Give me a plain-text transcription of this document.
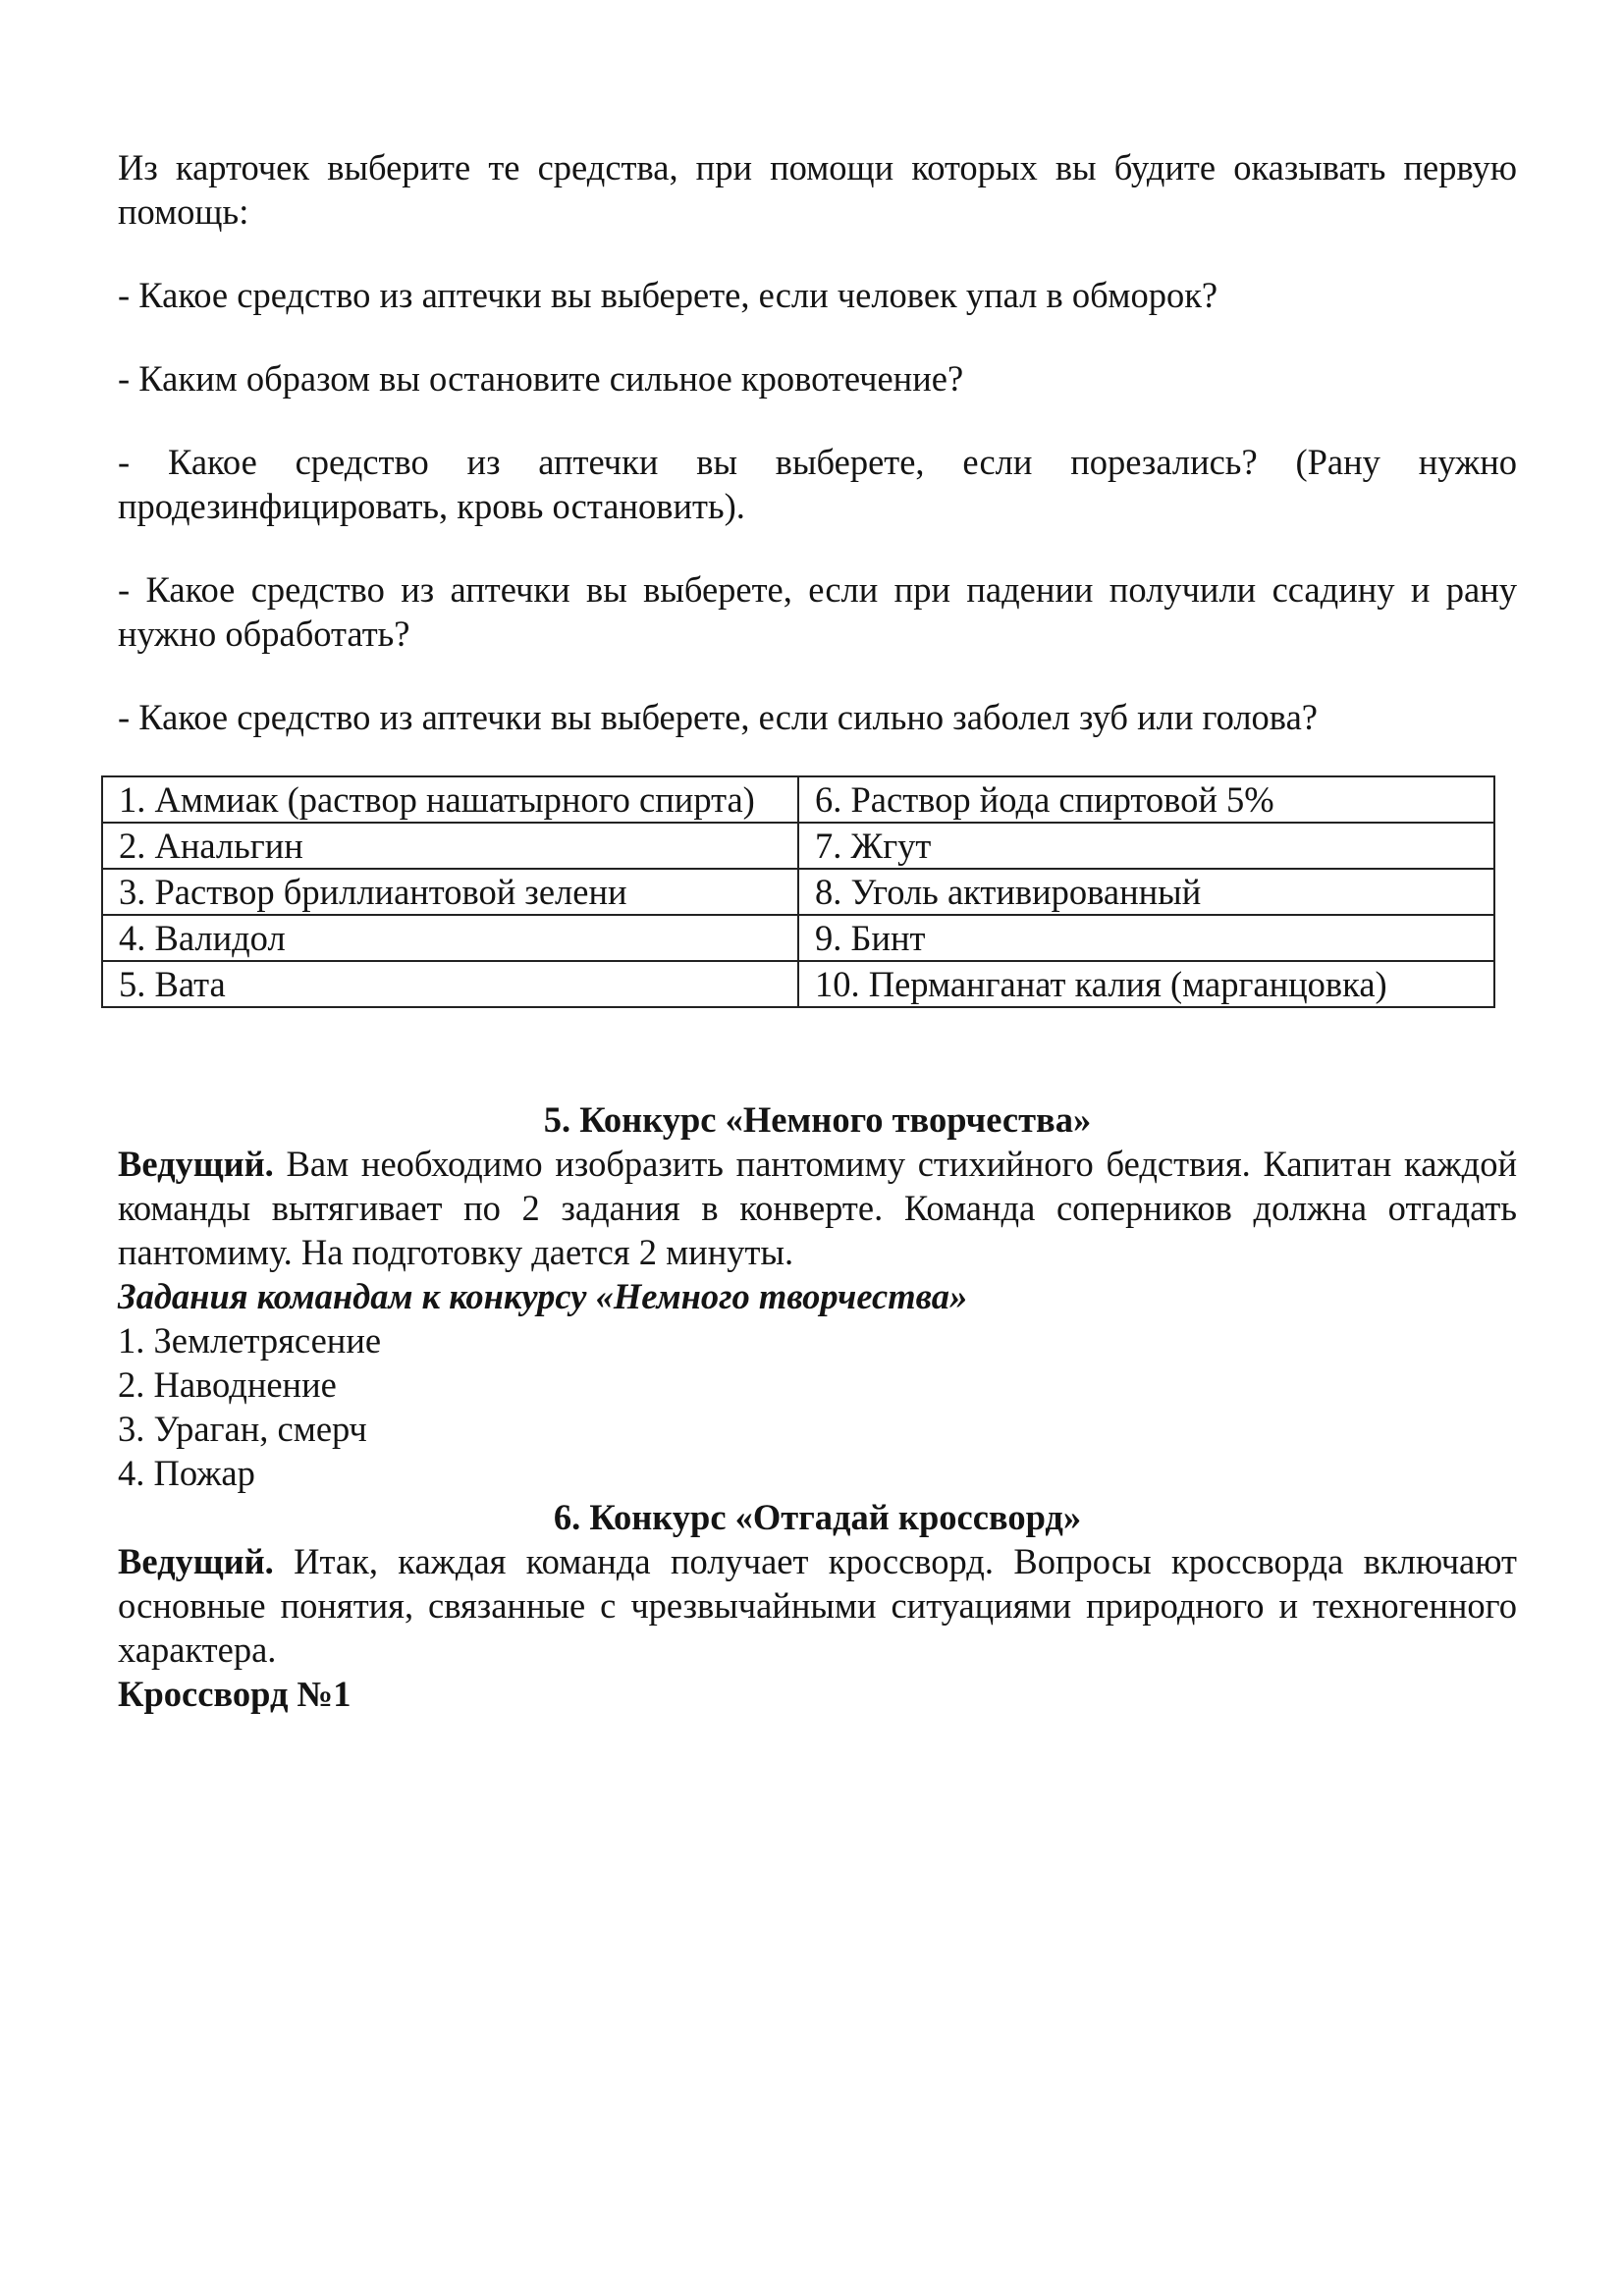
Из карточек выберите те средства, при помощи которых вы будите оказывать первую помощь:

- Какое средство из аптечки вы выберете, если человек упал в обморок?

- Каким образом вы остановите сильное кровотечение?

- Какое средство из аптечки вы выберете, если порезались? (Рану нужно продезинфицировать, кровь остановить).

- Какое средство из аптечки вы выберете, если при падении получили ссадину и рану нужно обработать?

- Какое средство из аптечки вы выберете, если сильно заболел зуб или голова?

1. Аммиак (раствор нашатырного спирта)	6. Раствор йода спиртовой 5%
2. Анальгин	7. Жгут
3. Раствор бриллиантовой зелени	8. Уголь активированный
4. Валидол	9. Бинт
5. Вата	10. Перманганат калия (марганцовка)

5. Конкурс «Немного творчества»

Ведущий. Вам необходимо изобразить пантомиму стихийного бедствия. Капитан каждой команды вытягивает по 2 задания в конверте. Команда соперников должна отгадать пантомиму. На подготовку дается 2 минуты.

Задания командам к конкурсу «Немного творчества»

1. Землетрясение

2. Наводнение

3. Ураган, смерч

4. Пожар

6. Конкурс «Отгадай кроссворд»

Ведущий. Итак, каждая команда получает кроссворд. Вопросы кроссворда включают основные понятия, связанные с чрезвычайными ситуациями природного и техногенного характера.

Кроссворд №1
